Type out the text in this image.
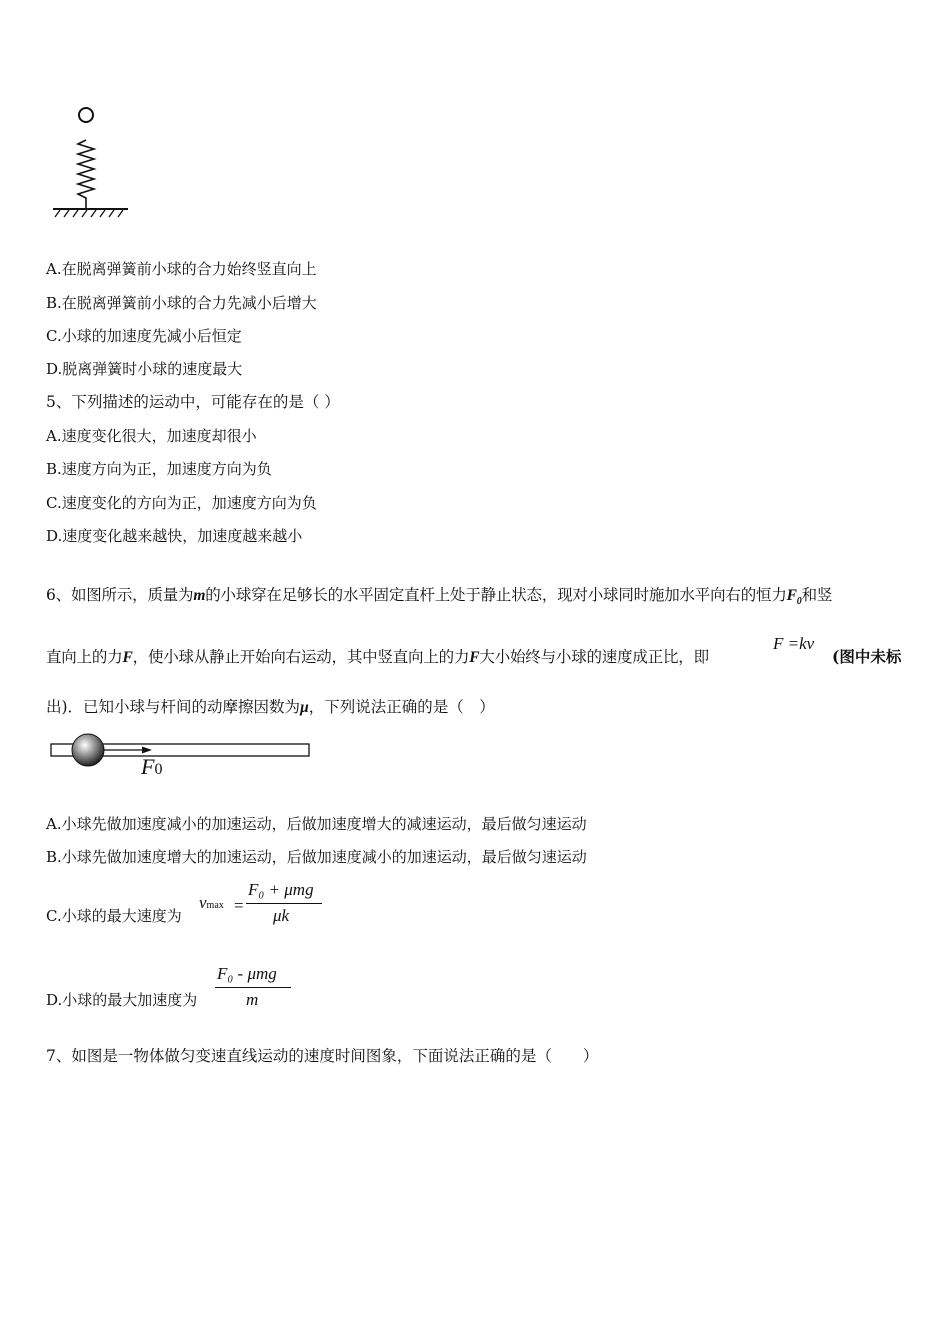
A.在脱离弹簧前小球的合力始终竖直向上
B.在脱离弹簧前小球的合力先减小后增大
C.小球的加速度先减小后恒定
D.脱离弹簧时小球的速度最大
5、下列描述的运动中，可能存在的是（ ）
A.速度变化很大，加速度却很小
B.速度方向为正，加速度方向为负
C.速度变化的方向为正，加速度方向为负
D.速度变化越来越快，加速度越来越小
6、如图所示，质量为m的小球穿在足够长的水平固定直杆上处于静止状态，现对小球同时施加水平向右的恒力$F_0$和竖
直向上的力F，使小球从静止开始向右运动，其中竖直向上的力F大小始终与小球的速度成正比，即
F =kv
(图中未标
出)．已知小球与杆间的动摩擦因数为μ，下列说法正确的是（　）
F0
A.小球先做加速度减小的加速运动，后做加速度增大的减速运动，最后做匀速运动
B.小球先做加速度增大的加速运动，后做加速度减小的加速运动，最后做匀速运动
C.小球的最大速度为
vmax =
F₀ + μmg
μk
D.小球的最大加速度为
F₀ - μmg
m
7、如图是一物体做匀变速直线运动的速度时间图象，下面说法正确的是（　　）
